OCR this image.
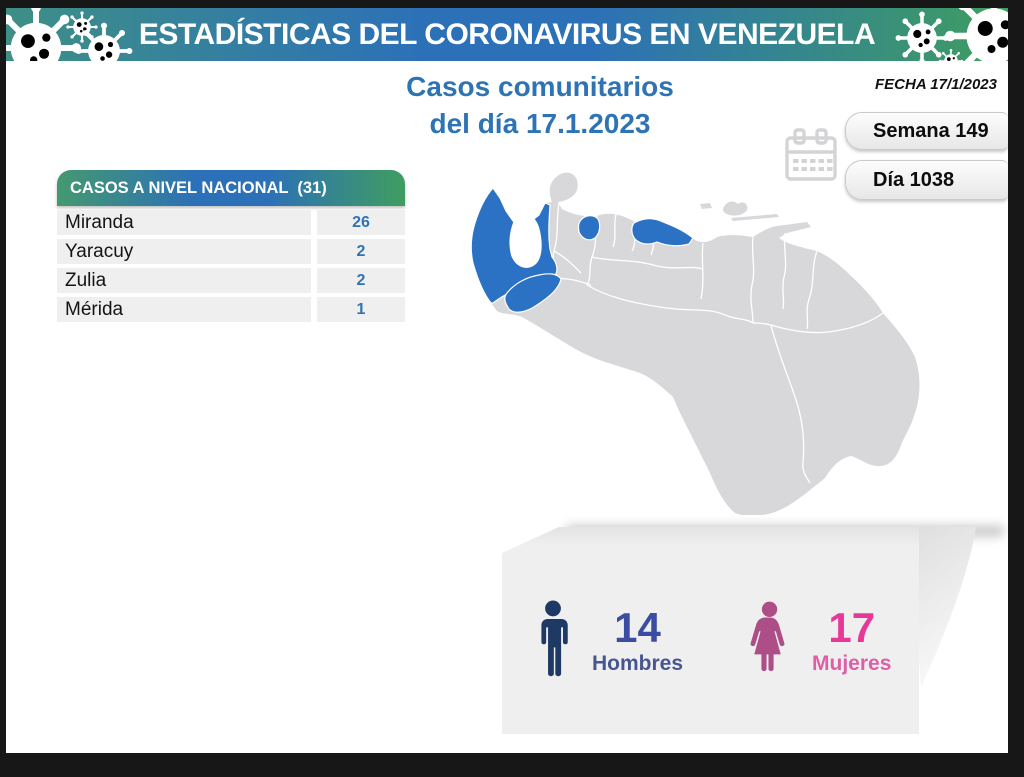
ESTADÍSTICAS DEL CORONAVIRUS EN VENEZUELA
FECHA 17/1/2023
Casos comunitarios
del día 17.1.2023	Semana 149
Día 1038
CASOS A NIVEL NACIONAL  (31)
Miranda	26
Yaracuy	2
Zulia	2
Mérida	1
14
Hombres
17
Mujeres
